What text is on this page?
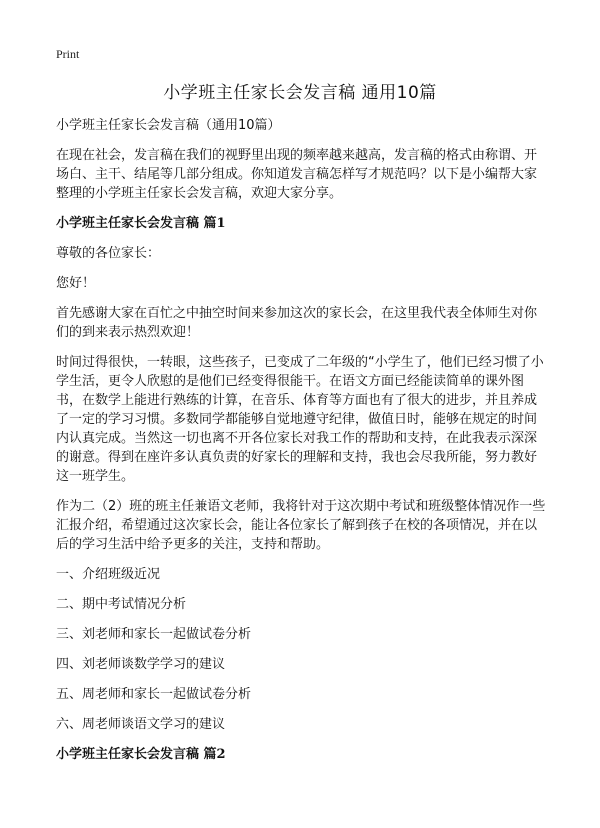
Print
小学班主任家长会发言稿 通用10篇

小学班主任家长会发言稿（通用10篇）

在现在社会，发言稿在我们的视野里出现的频率越来越高，发言稿的格式由称谓、开场白、主干、结尾等几部分组成。你知道发言稿怎样写才规范吗？以下是小编帮大家整理的小学班主任家长会发言稿，欢迎大家分享。

小学班主任家长会发言稿 篇1

尊敬的各位家长：

您好！

首先感谢大家在百忙之中抽空时间来参加这次的家长会，在这里我代表全体师生对你们的到来表示热烈欢迎！

时间过得很快，一转眼，这些孩子，已变成了二年级的“小学生了，他们已经习惯了小学生活，更令人欣慰的是他们已经变得很能干。在语文方面已经能读简单的课外图书，在数学上能进行熟练的计算，在音乐、体育等方面也有了很大的进步，并且养成了一定的学习习惯。多数同学都能够自觉地遵守纪律，做值日时，能够在规定的时间内认真完成。当然这一切也离不开各位家长对我工作的帮助和支持，在此我表示深深的谢意。得到在座许多认真负责的好家长的理解和支持，我也会尽我所能，努力教好这一班学生。

作为二（2）班的班主任兼语文老师，我将针对于这次期中考试和班级整体情况作一些汇报介绍，希望通过这次家长会，能让各位家长了解到孩子在校的各项情况，并在以后的学习生活中给予更多的关注，支持和帮助。

一、介绍班级近况

二、期中考试情况分析

三、刘老师和家长一起做试卷分析

四、刘老师谈数学学习的建议

五、周老师和家长一起做试卷分析

六、周老师谈语文学习的建议

小学班主任家长会发言稿 篇2
